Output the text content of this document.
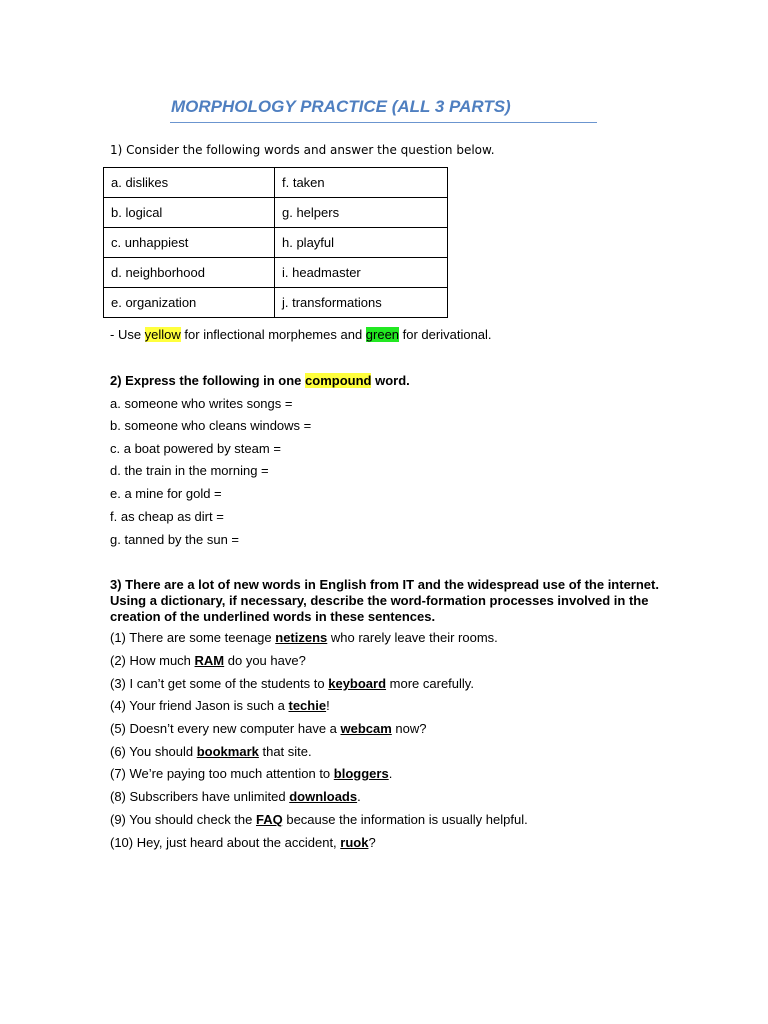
MORPHOLOGY PRACTICE (ALL 3 PARTS)
1) Consider the following words and answer the question below.
a. dislikes	f. taken
b. logical	g. helpers
c. unhappiest	h. playful
d. neighborhood	i. headmaster
e. organization	j. transformations
- Use yellow for inflectional morphemes and green for derivational.
2) Express the following in one compound word.
a. someone who writes songs =
b. someone who cleans windows =
c. a boat powered by steam =
d. the train in the morning =
e. a mine for gold =
f. as cheap as dirt =
g. tanned by the sun =
3) There are a lot of new words in English from IT and the widespread use of the internet. Using a dictionary, if necessary, describe the word-formation processes involved in the creation of the underlined words in these sentences.
(1) There are some teenage netizens who rarely leave their rooms.
(2) How much RAM do you have?
(3) I can’t get some of the students to keyboard more carefully.
(4) Your friend Jason is such a techie!
(5) Doesn’t every new computer have a webcam now?
(6) You should bookmark that site.
(7) We’re paying too much attention to bloggers.
(8) Subscribers have unlimited downloads.
(9) You should check the FAQ because the information is usually helpful.
(10) Hey, just heard about the accident, ruok?
